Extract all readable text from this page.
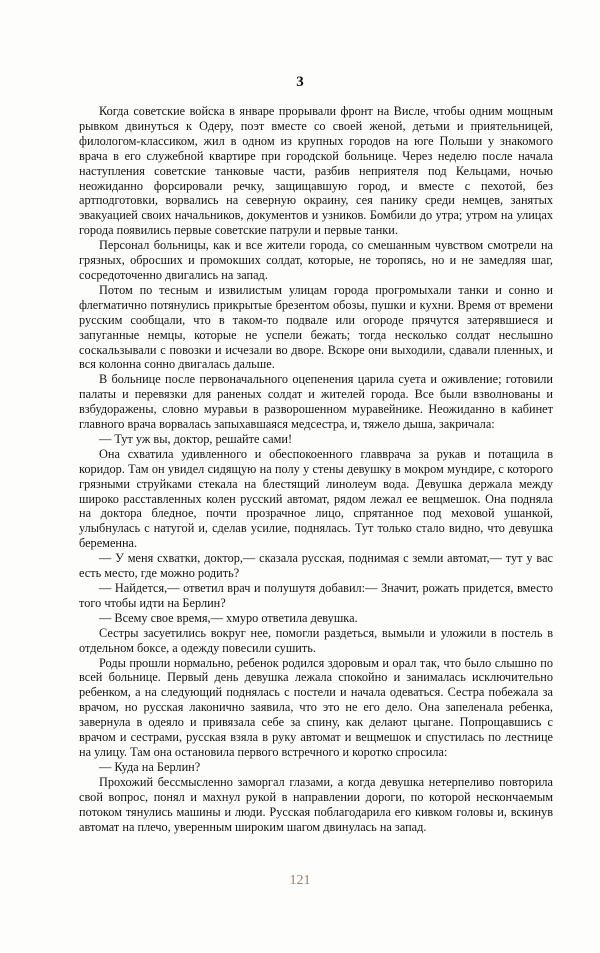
3

Когда советские войска в январе прорывали фронт на Висле, чтобы одним мощным рывком двинуться к Одеру, поэт вместе со своей женой, детьми и приятельницей, филологом-классиком, жил в одном из крупных городов на юге Польши у знакомого врача в его служебной квартире при городской больнице. Через неделю после начала наступления советские танковые части, разбив неприятеля под Кельцами, ночью неожиданно форсировали речку, защищавшую город, и вместе с пехотой, без артподготовки, ворвались на северную окраину, сея панику среди немцев, занятых эвакуацией своих начальников, документов и узников. Бомбили до утра; утром на улицах города появились первые советские патрули и первые танки.

Персонал больницы, как и все жители города, со смешанным чувством смотрели на грязных, обросших и промокших солдат, которые, не торопясь, но и не замедляя шаг, сосредоточенно двигались на запад.

Потом по тесным и извилистым улицам города прогромыхали танки и сонно и флегматично потянулись прикрытые брезентом обозы, пушки и кухни. Время от времени русским сообщали, что в таком-то подвале или огороде прячутся затерявшиеся и запуганные немцы, которые не успели бежать; тогда несколько солдат неслышно соскальзывали с повозки и исчезали во дворе. Вскоре они выходили, сдавали пленных, и вся колонна сонно двигалась дальше.

В больнице после первоначального оцепенения царила суета и оживление; готовили палаты и перевязки для раненых солдат и жителей города. Все были взволнованы и взбудоражены, словно муравьи в разворошенном муравейнике. Неожиданно в кабинет главного врача ворвалась запыхавшаяся медсестра, и, тяжело дыша, закричала:

— Тут уж вы, доктор, решайте сами!

Она схватила удивленного и обеспокоенного главврача за рукав и потащила в коридор. Там он увидел сидящую на полу у стены девушку в мокром мундире, с которого грязными струйками стекала на блестящий линолеум вода. Девушка держала между широко расставленных колен русский автомат, рядом лежал ее вещмешок. Она подняла на доктора бледное, почти прозрачное лицо, спрятанное под меховой ушанкой, улыбнулась с натугой и, сделав усилие, поднялась. Тут только стало видно, что девушка беременна.

— У меня схватки, доктор,— сказала русская, поднимая с земли автомат,— тут у вас есть место, где можно родить?

— Найдется,— ответил врач и полушутя добавил:— Значит, рожать придется, вместо того чтобы идти на Берлин?

— Всему свое время,— хмуро ответила девушка.

Сестры засуетились вокруг нее, помогли раздеться, вымыли и уложили в постель в отдельном боксе, а одежду повесили сушить.

Роды прошли нормально, ребенок родился здоровым и орал так, что было слышно по всей больнице. Первый день девушка лежала спокойно и занималась исключительно ребенком, а на следующий поднялась с постели и начала одеваться. Сестра побежала за врачом, но русская лаконично заявила, что это не его дело. Она запеленала ребенка, завернула в одеяло и привязала себе за спину, как делают цыгане. Попрощавшись с врачом и сестрами, русская взяла в руку автомат и вещмешок и спустилась по лестнице на улицу. Там она остановила первого встречного и коротко спросила:

— Куда на Берлин?

Прохожий бессмысленно заморгал глазами, а когда девушка нетерпеливо повторила свой вопрос, понял и махнул рукой в направлении дороги, по которой нескончаемым потоком тянулись машины и люди. Русская поблагодарила его кивком головы и, вскинув автомат на плечо, уверенным широким шагом двинулась на запад.

121
